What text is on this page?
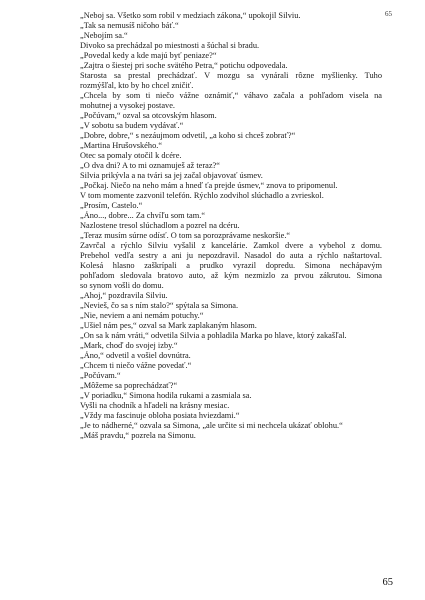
65

„Neboj sa. Všetko som robil v medziach zákona,“ upokojil Silviu.

„Tak sa nemusíš ničoho báť.“

„Nebojím sa.“

Divoko sa prechádzal po miestnosti a šúchal si bradu.

„Povedal kedy a kde majú byť peniaze?“

„Zajtra o šiestej pri soche svätého Petra,“ potichu odpovedala.

Starosta sa prestal prechádzať. V mozgu sa vynárali rôzne myšlienky. Tuho

rozmýšľal, kto by ho chcel zničiť.

„Chcela by som ti niečo vážne oznámiť,“ váhavo začala a pohľadom visela na

mohutnej a vysokej postave.

„Počúvam,“ ozval sa otcovským hlasom.

„V sobotu sa budem vydávať.“

„Dobre, dobre,“ s nezáujmom odvetil, „a koho si chceš zobrať?“

„Martina Hrušovského.“

Otec sa pomaly otočil k dcére.

„O dva dni? A to mi oznamuješ až teraz?“

Silvia prikývla a na tvári sa jej začal objavovať úsmev.

„Počkaj. Niečo na neho mám a hneď ťa prejde úsmev,“ znova to pripomenul.

V tom momente zazvonil telefón. Rýchlo zodvihol slúchadlo a zvrieskol.

„Prosím, Castelo.“

„Áno..., dobre... Za chvíľu som tam.“

Nazlostene tresol slúchadlom a pozrel na dcéru.

„Teraz musím súrne odísť. O tom sa porozprávame neskoršie.“

Zavrčal a rýchlo Silviu vyšalil z kancelárie. Zamkol dvere a vybehol z domu.

Prebehol vedľa sestry a ani ju nepozdravil. Nasadol do auta a rýchlo naštartoval.

Kolesá hlasno zaškrípali a prudko vyrazil dopredu. Simona nechápavým

pohľadom sledovala bratovo auto, až kým nezmizlo za prvou zákrutou. Simona

so synom vošli do domu.

„Ahoj,“ pozdravila Silviu.

„Nevieš, čo sa s ním stalo?“ spýtala sa Simona.

„Nie, neviem a ani nemám potuchy.“

„Ušiel nám pes,“ ozval sa Mark zaplakaným hlasom.

„On sa k nám vráti,“ odvetila Silvia a pohladila Marka po hlave, ktorý zakašľal.

„Mark, choď do svojej izby.“

„Áno,“ odvetil a vošiel dovnútra.

„Chcem ti niečo vážne povedať.“

„Počúvam.“

„Môžeme sa poprechádzať?“

„V poriadku,“ Simona hodila rukami a zasmiala sa.

Vyšli na chodník a hľadeli na krásny mesiac.

„Vždy ma fascinuje obloha posiata hviezdami.“

„Je to nádherné,“ ozvala sa Simona, „ale určite si mi nechcela ukázať oblohu.“

„Máš pravdu,“ pozrela na Simonu.

65
